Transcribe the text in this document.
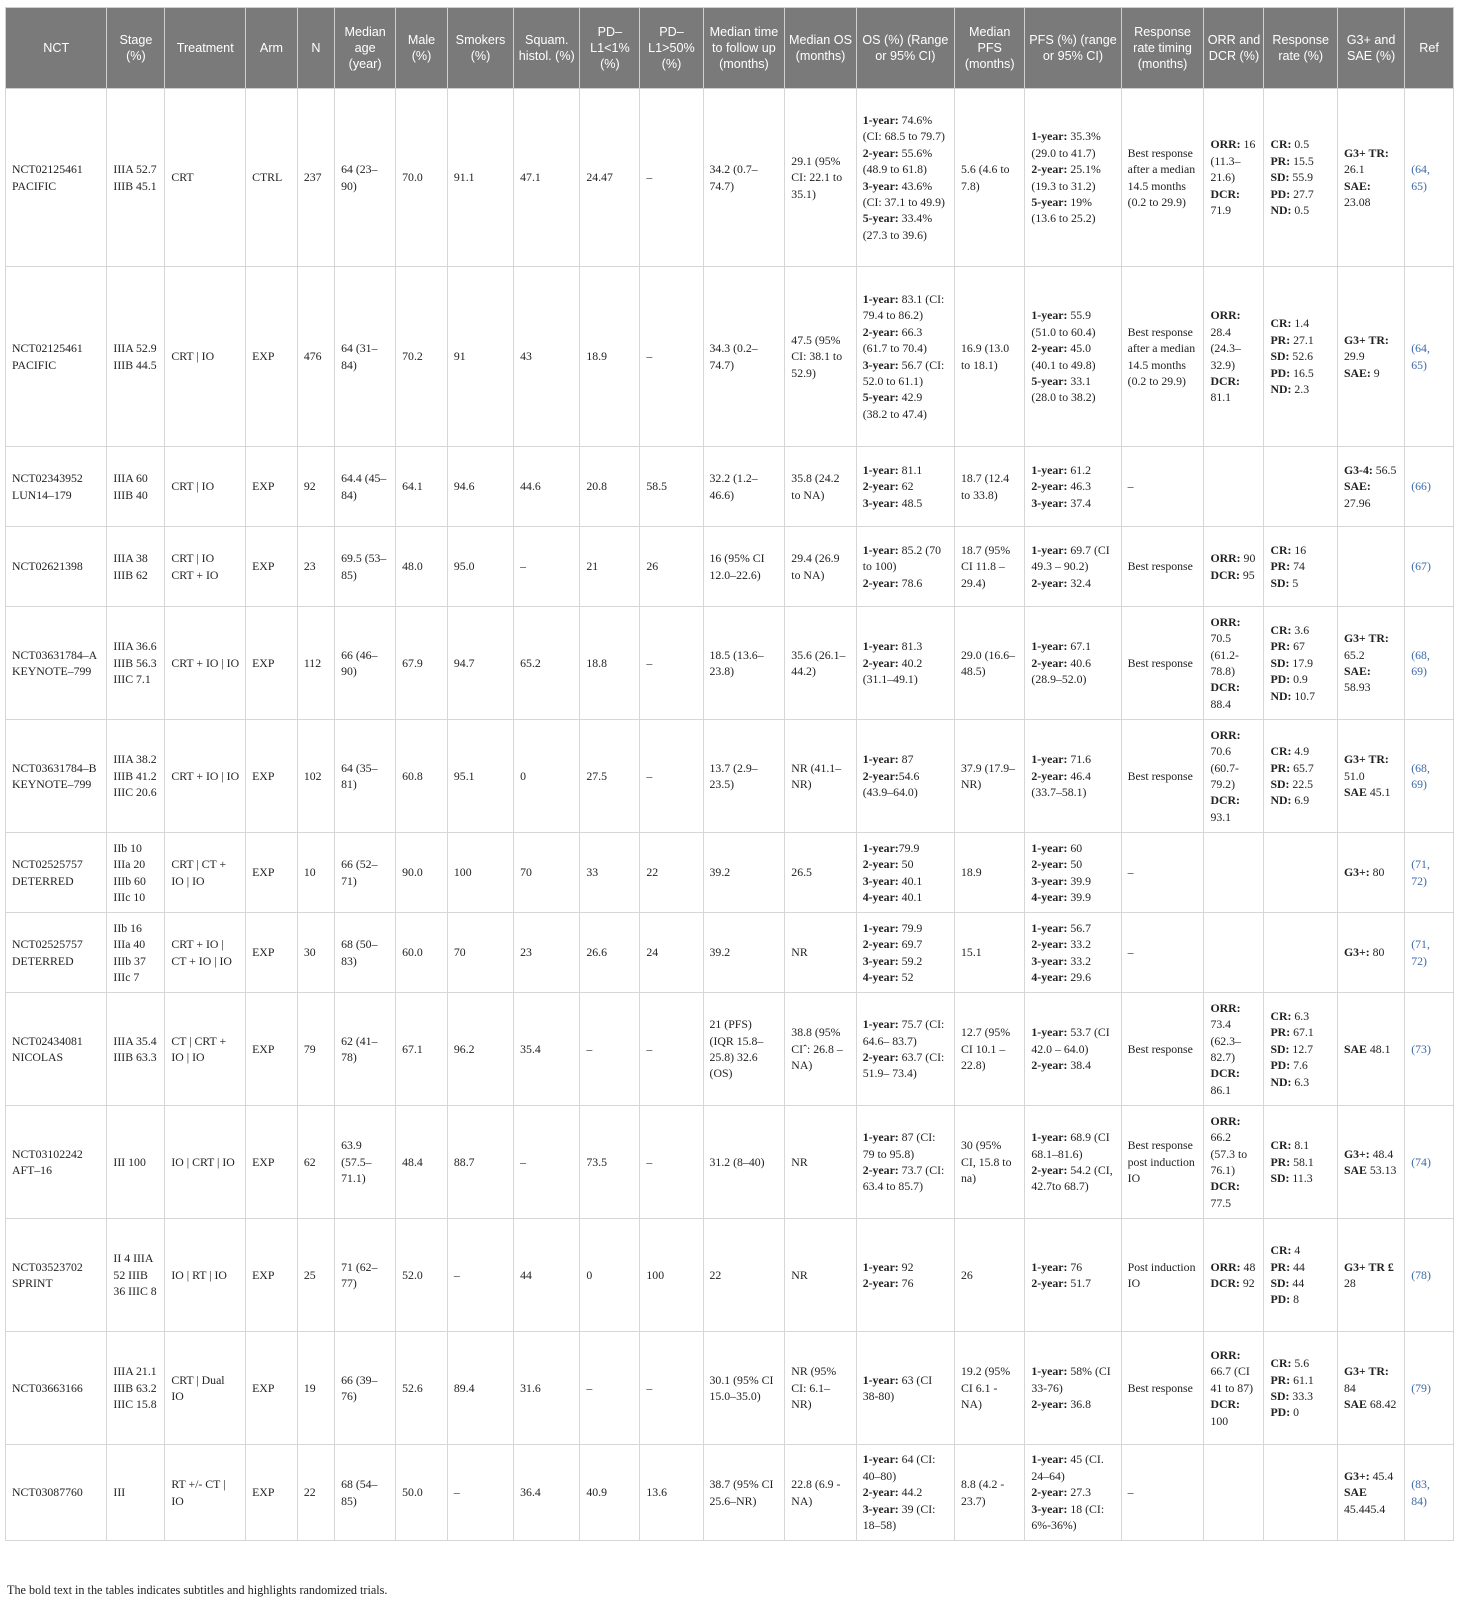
NCT	Stage (%)	Treatment	Arm	N	Median age (year)	Male (%)	Smokers (%)	Squam. histol. (%)	PD– L1<1% (%)	PD– L1>50% (%)	Median time to follow up (months)	Median OS (months)	OS (%) (Range or 95% CI)	Median PFS (months)	PFS (%) (range or 95% CI)	Response rate timing (months)	ORR and DCR (%)	Response rate (%)	G3+ and SAE (%)	Ref
NCT02125461 PACIFIC	IIIA 52.7 IIIB 45.1	CRT	CTRL	237	64 (23–90)	70.0	91.1	47.1	24.47	–	34.2 (0.7–74.7)	29.1 (95% CI: 22.1 to 35.1)	1-year: 74.6% (CI: 68.5 to 79.7)
2-year: 55.6% (48.9 to 61.8)
3-year: 43.6% (CI: 37.1 to 49.9)
5-year: 33.4% (27.3 to 39.6)	5.6 (4.6 to 7.8)	1-year: 35.3% (29.0 to 41.7)
2-year: 25.1% (19.3 to 31.2)
5-year: 19% (13.6 to 25.2)	Best response after a median 14.5 months (0.2 to 29.9)	ORR: 16 (11.3– 21.6)
DCR: 71.9	CR: 0.5
PR: 15.5
SD: 55.9
PD: 27.7
ND: 0.5	G3+ TR: 26.1
SAE: 23.08	(64, 65)
NCT02125461 PACIFIC	IIIA 52.9 IIIB 44.5	CRT | IO	EXP	476	64 (31–84)	70.2	91	43	18.9	–	34.3 (0.2–74.7)	47.5 (95% CI: 38.1 to 52.9)	1-year: 83.1 (CI: 79.4 to 86.2)
2-year: 66.3 (61.7 to 70.4)
3-year: 56.7 (CI: 52.0 to 61.1)
5-year: 42.9 (38.2 to 47.4)	16.9 (13.0 to 18.1)	1-year: 55.9 (51.0 to 60.4)
2-year: 45.0 (40.1 to 49.8)
5-year: 33.1 (28.0 to 38.2)	Best response after a median 14.5 months (0.2 to 29.9)	ORR: 28.4 (24.3– 32.9)
DCR: 81.1	CR: 1.4
PR: 27.1
SD: 52.6
PD: 16.5
ND: 2.3	G3+ TR: 29.9
SAE: 9	(64, 65)
NCT02343952 LUN14–179	IIIA 60 IIIB 40	CRT | IO	EXP	92	64.4 (45–84)	64.1	94.6	44.6	20.8	58.5	32.2 (1.2–46.6)	35.8 (24.2 to NA)	1-year: 81.1
2-year: 62
3-year: 48.5	18.7 (12.4 to 33.8)	1-year: 61.2
2-year: 46.3
3-year: 37.4	–			G3-4: 56.5
SAE: 27.96	(66)
NCT02621398	IIIA 38 IIIB 62	CRT | IO CRT + IO	EXP	23	69.5 (53–85)	48.0	95.0	–	21	26	16 (95% CI 12.0–22.6)	29.4 (26.9 to NA)	1-year: 85.2 (70 to 100)
2-year: 78.6	18.7 (95% CI 11.8 – 29.4)	1-year: 69.7 (CI 49.3 – 90.2)
2-year: 32.4	Best response	ORR: 90
DCR: 95	CR: 16
PR: 74
SD: 5		(67)
NCT03631784–A KEYNOTE–799	IIIA 36.6 IIIB 56.3 IIIC 7.1	CRT + IO | IO	EXP	112	66 (46–90)	67.9	94.7	65.2	18.8	–	18.5 (13.6– 23.8)	35.6 (26.1– 44.2)	1-year: 81.3
2-year: 40.2 (31.1–49.1)	29.0 (16.6– 48.5)	1-year: 67.1
2-year: 40.6 (28.9–52.0)	Best response	ORR: 70.5 (61.2- 78.8)
DCR: 88.4	CR: 3.6
PR: 67
SD: 17.9
PD: 0.9
ND: 10.7	G3+ TR: 65.2
SAE: 58.93	(68, 69)
NCT03631784–B KEYNOTE–799	IIIA 38.2 IIIB 41.2 IIIC 20.6	CRT + IO | IO	EXP	102	64 (35–81)	60.8	95.1	0	27.5	–	13.7 (2.9–23.5)	NR (41.1– NR)	1-year: 87
2-year:54.6 (43.9–64.0)	37.9 (17.9– NR)	1-year: 71.6
2-year: 46.4 (33.7–58.1)	Best response	ORR: 70.6 (60.7- 79.2)
DCR: 93.1	CR: 4.9
PR: 65.7
SD: 22.5
ND: 6.9	G3+ TR: 51.0
SAE 45.1	(68, 69)
NCT02525757 DETERRED	IIb 10 IIIa 20 IIIb 60 IIIc 10	CRT | CT + IO | IO	EXP	10	66 (52–71)	90.0	100	70	33	22	39.2	26.5	1-year:79.9
2-year: 50
3-year: 40.1
4-year: 40.1	18.9	1-year: 60
2-year: 50
3-year: 39.9
4-year: 39.9	–			G3+: 80	(71, 72)
NCT02525757 DETERRED	IIb 16 IIIa 40 IIIb 37 IIIc 7	CRT + IO | CT + IO | IO	EXP	30	68 (50–83)	60.0	70	23	26.6	24	39.2	NR	1-year: 79.9
2-year: 69.7
3-year: 59.2
4-year: 52	15.1	1-year: 56.7
2-year: 33.2
3-year: 33.2
4-year: 29.6	–			G3+: 80	(71, 72)
NCT02434081 NICOLAS	IIIA 35.4 IIIB 63.3	CT | CRT + IO | IO	EXP	79	62 (41–78)	67.1	96.2	35.4	–	–	21 (PFS) (IQR 15.8–25.8) 32.6 (OS)	38.8 (95% CIˆ: 26.8 – NA)	1-year: 75.7 (CI: 64.6– 83.7)
2-year: 63.7 (CI: 51.9– 73.4)	12.7 (95% CI 10.1 – 22.8)	1-year: 53.7 (CI 42.0 – 64.0)
2-year: 38.4	Best response	ORR: 73.4 (62.3– 82.7)
DCR: 86.1	CR: 6.3
PR: 67.1
SD: 12.7
PD: 7.6
ND: 6.3	SAE 48.1	(73)
NCT03102242 AFT–16	III 100	IO | CRT | IO	EXP	62	63.9 (57.5– 71.1)	48.4	88.7	–	73.5	–	31.2 (8–40)	NR	1-year: 87 (CI: 79 to 95.8)
2-year: 73.7 (CI: 63.4 to 85.7)	30 (95% CI, 15.8 to na)	1-year: 68.9 (CI 68.1–81.6)
2-year: 54.2 (CI, 42.7to 68.7)	Best response post induction IO	ORR: 66.2 (57.3 to 76.1)
DCR: 77.5	CR: 8.1
PR: 58.1
SD: 11.3	G3+: 48.4
SAE 53.13	(74)
NCT03523702 SPRINT	II 4 IIIA 52 IIIB 36 IIIC 8	IO | RT | IO	EXP	25	71 (62–77)	52.0	–	44	0	100	22	NR	1-year: 92
2-year: 76	26	1-year: 76
2-year: 51.7	Post induction IO	ORR: 48
DCR: 92	CR: 4
PR: 44
SD: 44
PD: 8	G3+ TR £ 28	(78)
NCT03663166	IIIA 21.1 IIIB 63.2 IIIC 15.8	CRT | Dual IO	EXP	19	66 (39–76)	52.6	89.4	31.6	–	–	30.1 (95% CI 15.0–35.0)	NR (95% CI: 6.1–NR)	1-year: 63 (CI 38-80)	19.2 (95% CI 6.1 - NA)	1-year: 58% (CI 33-76)
2-year: 36.8	Best response	ORR: 66.7 (CI 41 to 87)
DCR: 100	CR: 5.6
PR: 61.1
SD: 33.3
PD: 0	G3+ TR: 84
SAE 68.42	(79)
NCT03087760	III	RT +/- CT | IO	EXP	22	68 (54–85)	50.0	–	36.4	40.9	13.6	38.7 (95% CI 25.6–NR)	22.8 (6.9 - NA)	1-year: 64 (CI: 40–80)
2-year: 44.2
3-year: 39 (CI: 18–58)	8.8 (4.2 - 23.7)	1-year: 45 (CI. 24–64)
2-year: 27.3
3-year: 18 (CI: 6%-36%)	–			G3+: 45.4
SAE 45.445.4	(83, 84)
The bold text in the tables indicates subtitles and highlights randomized trials.
